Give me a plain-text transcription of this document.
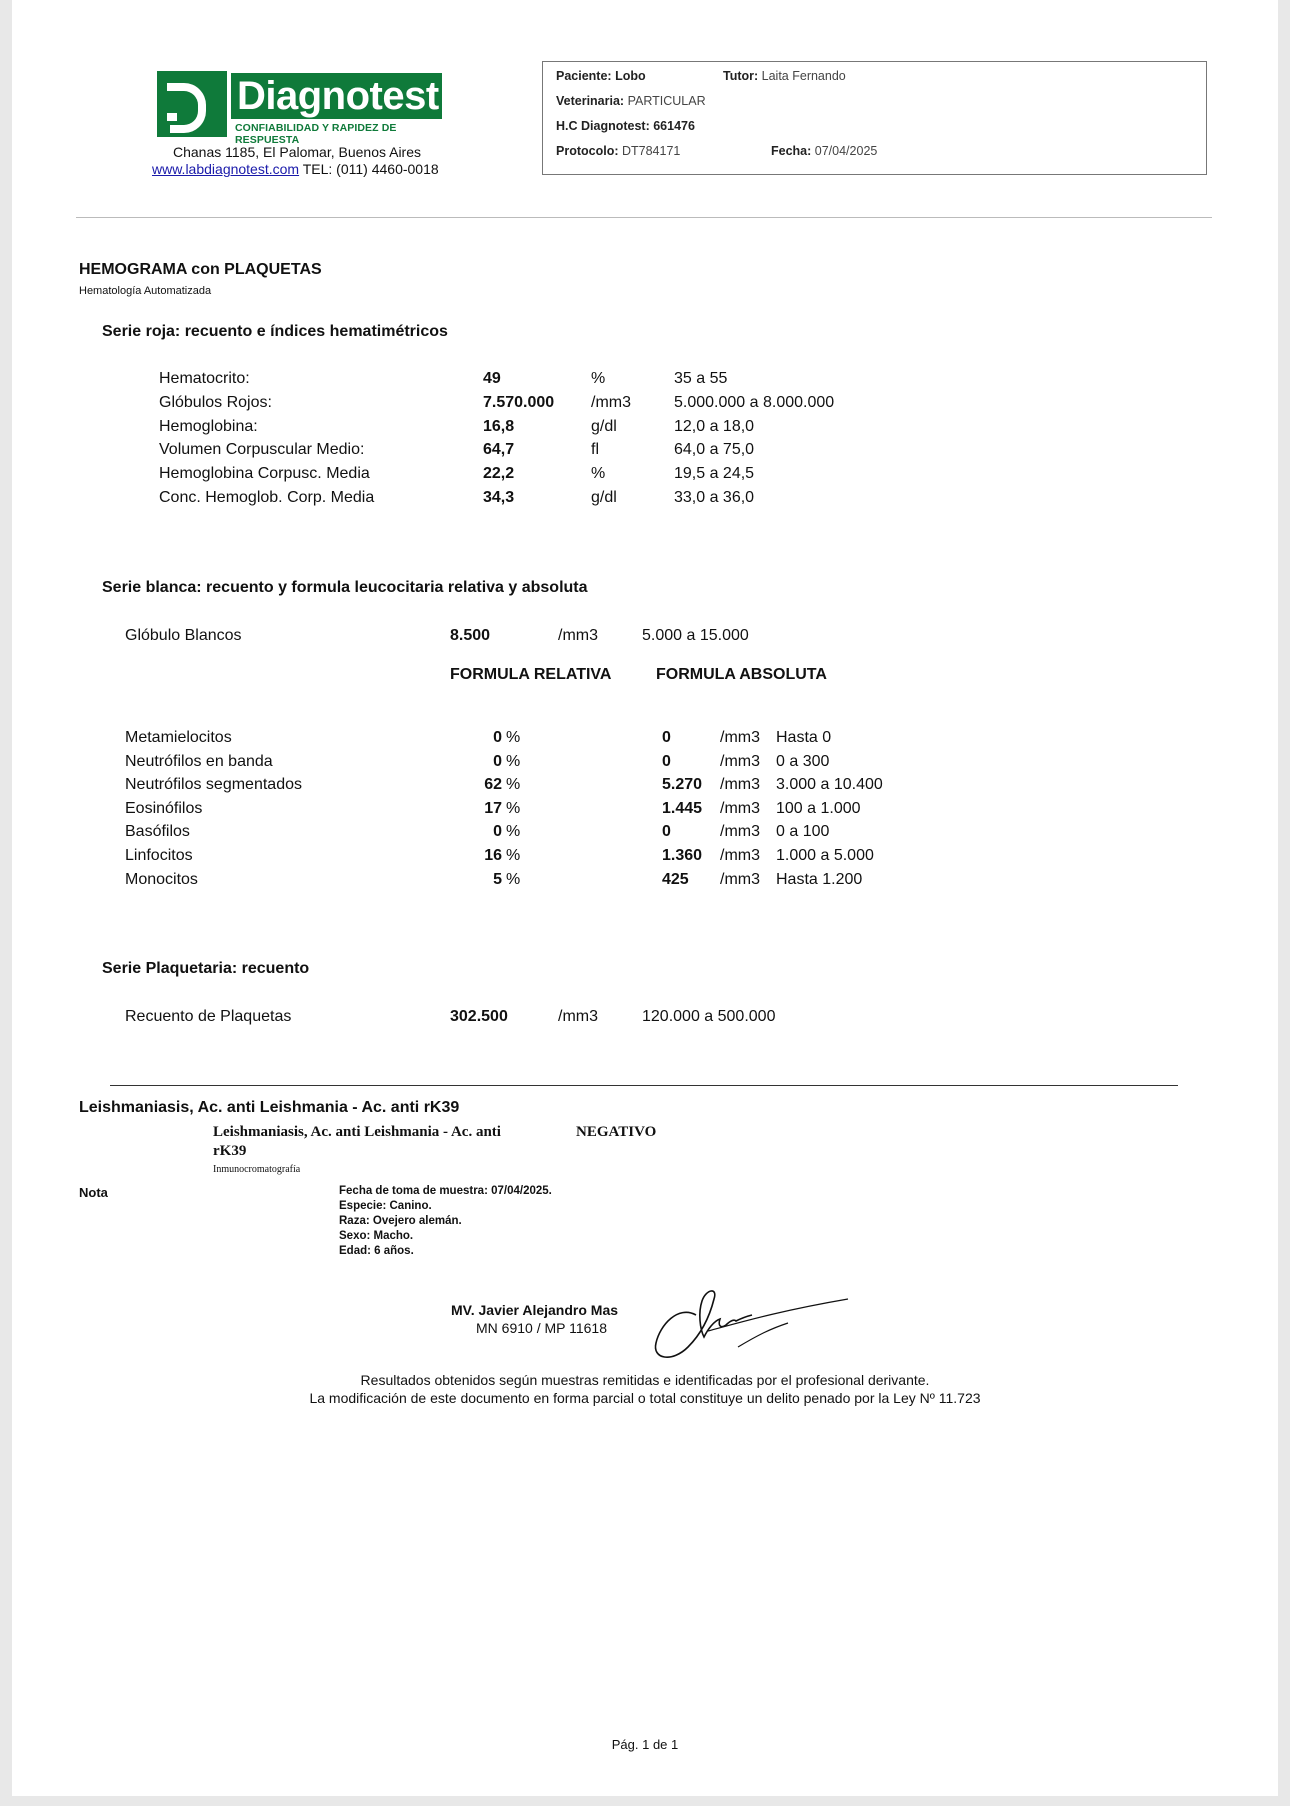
Diagnotest
CONFIABILIDAD Y RAPIDEZ DE RESPUESTA
Chanas 1185, El Palomar, Buenos Aires
www.labdiagnotest.com TEL: (011) 4460-0018
Paciente: Lobo	Tutor: Laita Fernando
Veterinaria: PARTICULAR
H.C Diagnotest: 661476
Protocolo: DT784171	Fecha: 07/04/2025
HEMOGRAMA con PLAQUETAS
Hematología Automatizada
Serie roja: recuento e índices hematimétricos
Hematocrito:	49	%	35 a 55
Glóbulos Rojos:	7.570.000 /mm3	5.000.000 a 8.000.000
Hemoglobina:	16,8	g/dl	12,0 a 18,0
Volumen Corpuscular Medio:	64,7	fl	64,0 a 75,0
Hemoglobina Corpusc. Media	22,2	%	19,5 a 24,5
Conc. Hemoglob. Corp. Media	34,3	g/dl	33,0 a 36,0
Serie blanca: recuento y formula leucocitaria relativa y absoluta
Glóbulo Blancos	8.500	/mm3	5.000 a 15.000
FORMULA RELATIVA	FORMULA ABSOLUTA
Metamielocitos	0 %	0	/mm3 Hasta 0
Neutrófilos en banda	0 %	0	/mm3 0 a 300
Neutrófilos segmentados	62 %	5.270 /mm3 3.000 a 10.400
Eosinófilos	17 %	1.445 /mm3 100 a 1.000
Basófilos	0 %	0	/mm3 0 a 100
Linfocitos	16 %	1.360 /mm3 1.000 a 5.000
Monocitos	5 %	425 /mm3 Hasta 1.200
Serie Plaquetaria: recuento
Recuento de Plaquetas	302.500	/mm3	120.000 a 500.000
Leishmaniasis, Ac. anti Leishmania - Ac. anti rK39
Leishmaniasis, Ac. anti Leishmania - Ac. anti
rK39
NEGATIVO
Inmunocromatografía
Nota	Fecha de toma de muestra: 07/04/2025.
Especie: Canino.
Raza: Ovejero alemán.
Sexo: Macho.
Edad: 6 años.
MV. Javier Alejandro Mas
MN 6910 / MP 11618
Resultados obtenidos según muestras remitidas e identificadas por el profesional derivante.
La modificación de este documento en forma parcial o total constituye un delito penado por la Ley Nº 11.723
Pág. 1 de 1
